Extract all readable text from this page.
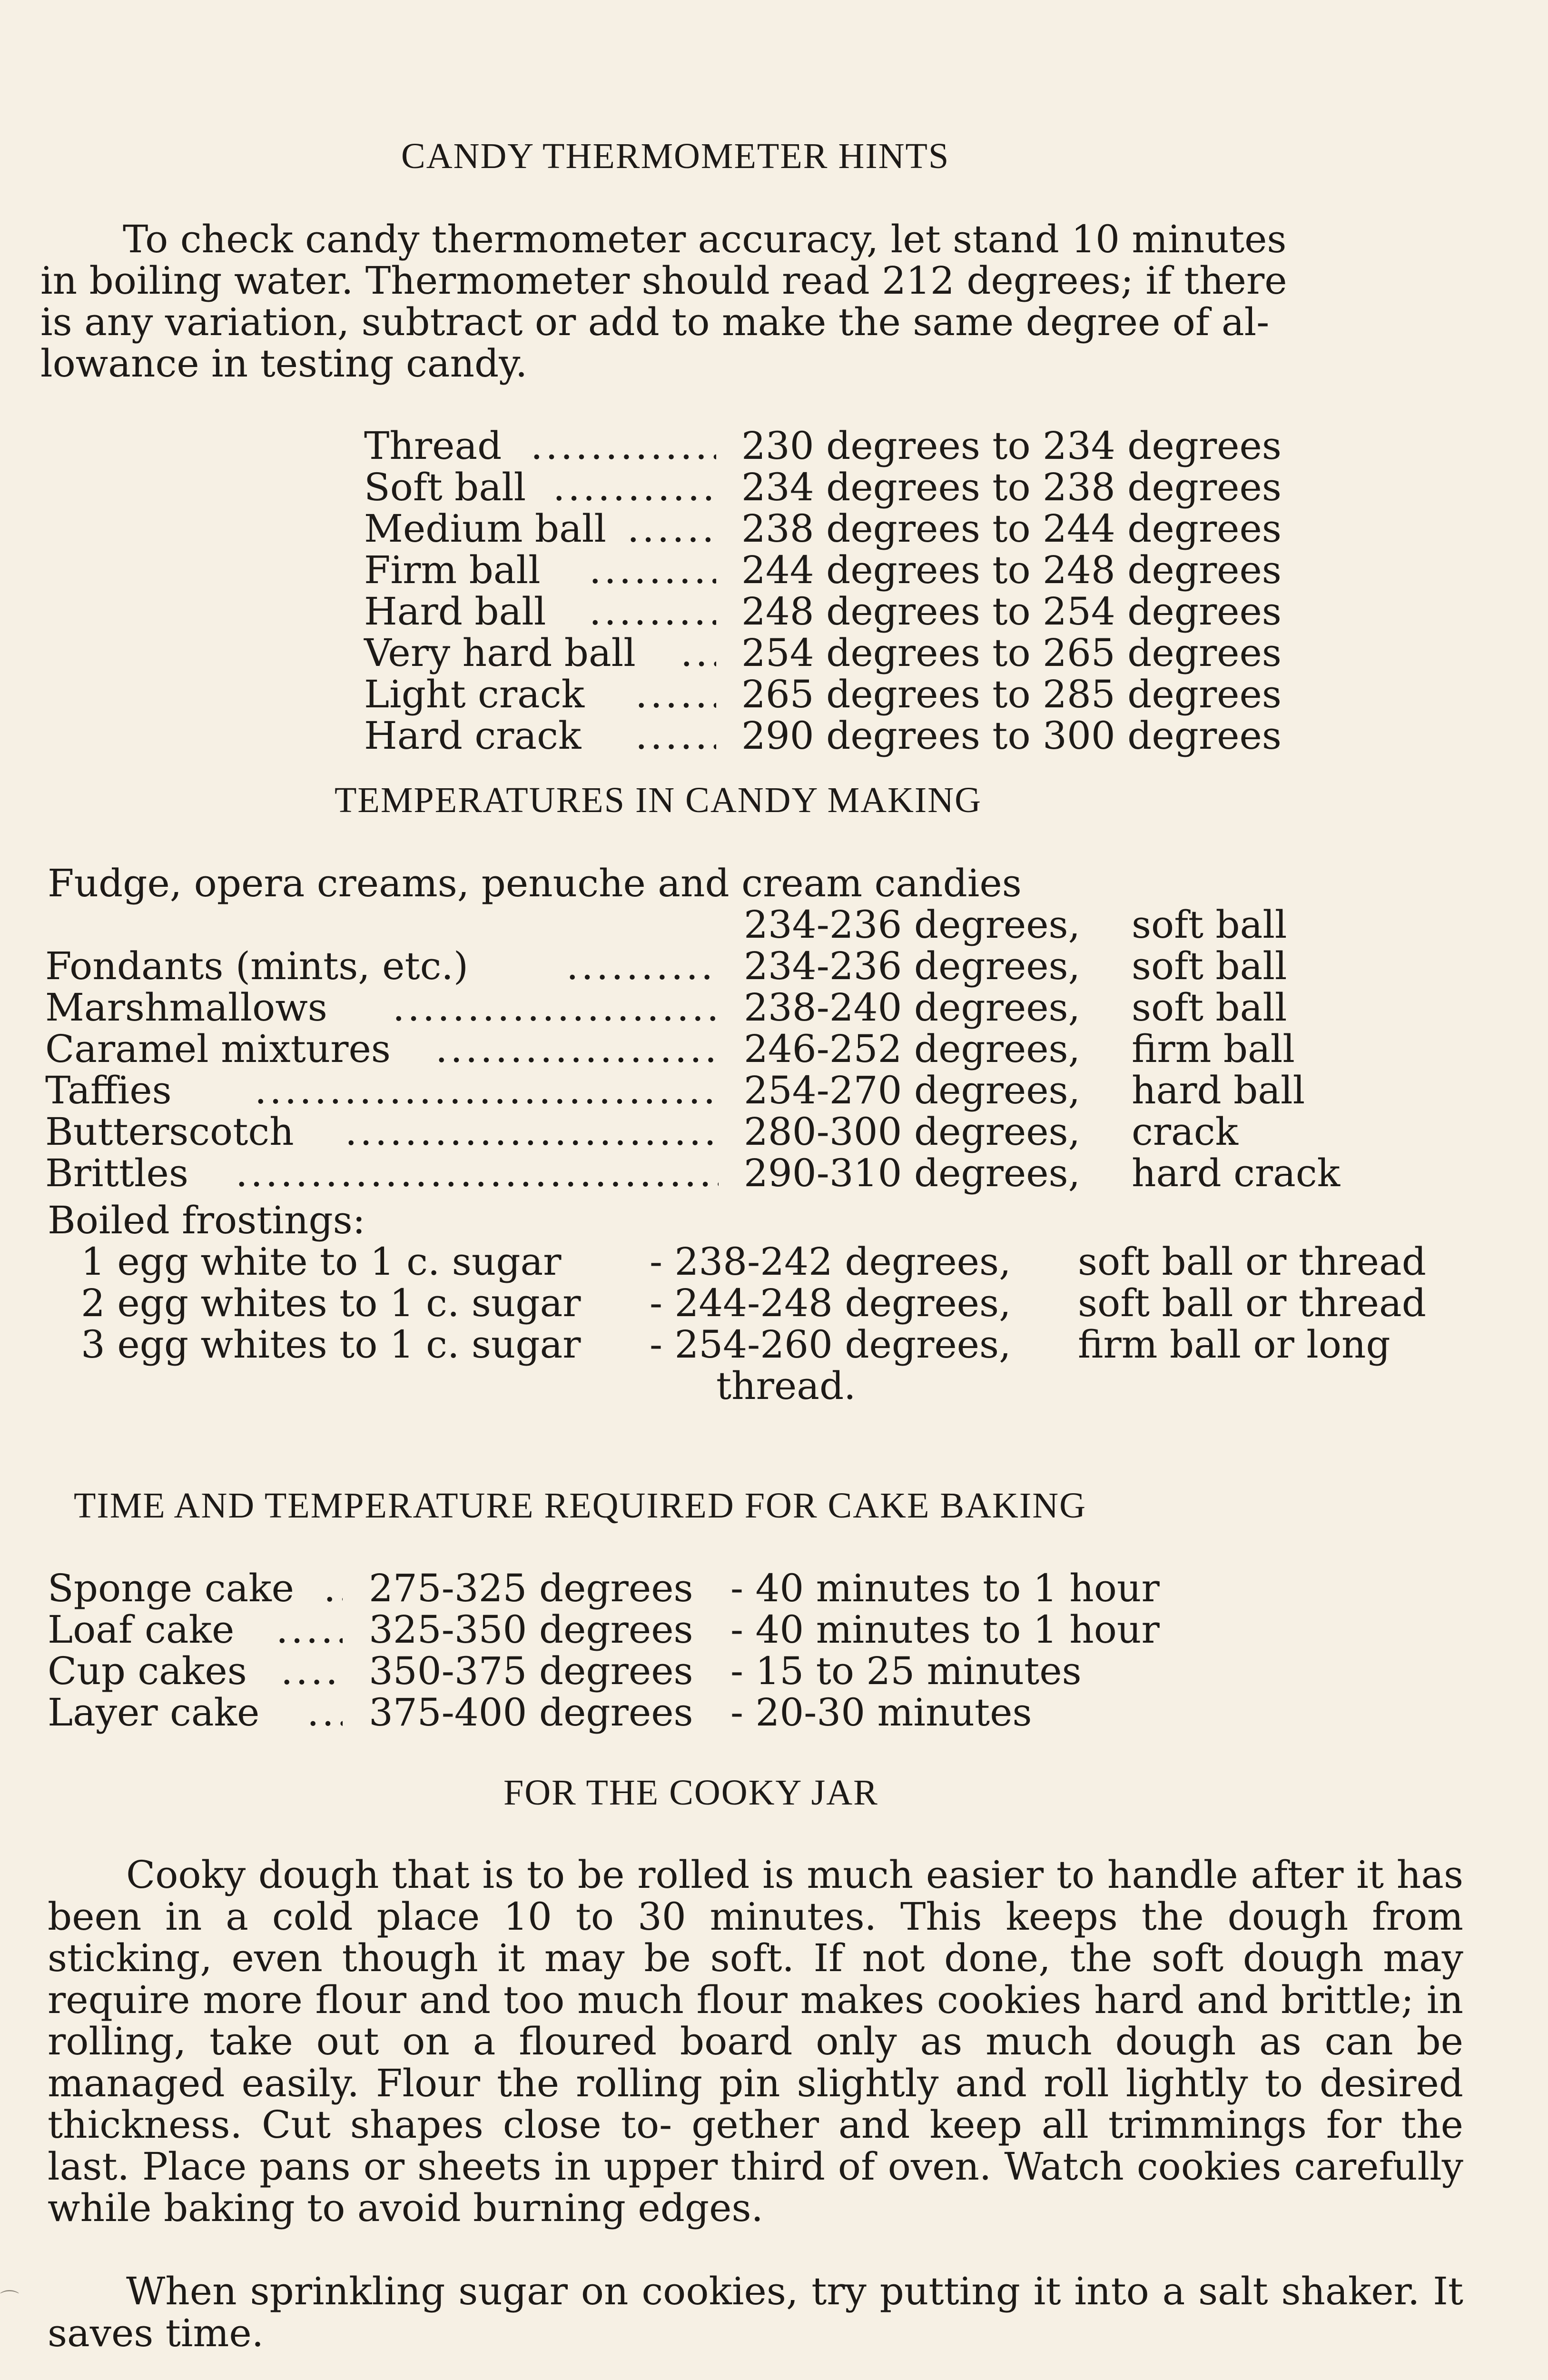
CANDY THERMOMETER HINTS
To check candy thermometer accuracy, let stand 10 minutes
in boiling water. Thermometer should read 212 degrees; if there
is any variation, subtract or add to make the same degree of al-
lowance in testing candy.
Thread .....	230 degrees to 234 degrees
Soft ball .....	234 degrees to 238 degrees
Medium ball .....	238 degrees to 244 degrees
Firm ball .....	244 degrees to 248 degrees
Hard ball .....	248 degrees to 254 degrees
Very hard ball .....	254 degrees to 265 degrees
Light crack .....	265 degrees to 285 degrees
Hard crack .....	290 degrees to 300 degrees
TEMPERATURES IN CANDY MAKING
Fudge, opera creams, penuche and cream candies
234-236 degrees, soft ball
Fondants (mints, etc.) .....	234-236 degrees, soft ball
Marshmallows .....	238-240 degrees, soft ball
Caramel mixtures .....	246-252 degrees, firm ball
Taffies .....	254-270 degrees, hard ball
Butterscotch .....	280-300 degrees, crack
Brittles .....	290-310 degrees, hard crack
Boiled frostings:
1 egg white to 1 c. sugar - 238-242 degrees, soft ball or thread
2 egg whites to 1 c. sugar - 244-248 degrees, soft ball or thread
3 egg whites to 1 c. sugar - 254-260 degrees, firm ball or long
thread.
TIME AND TEMPERATURE REQUIRED FOR CAKE BAKING
Sponge cake ..... 275-325 degrees - 40 minutes to 1 hour
Loaf cake .....	325-350 degrees - 40 minutes to 1 hour
Cup cakes .....	350-375 degrees - 15 to 25 minutes
Layer cake .....	375-400 degrees - 20-30 minutes
FOR THE COOKY JAR
Cooky dough that is to be rolled is much easier to handle after it has been in a cold place 10 to 30 minutes. This keeps the dough from sticking, even though it may be soft. If not done, the soft dough may require more flour and too much flour makes cookies hard and brittle; in rolling, take out on a floured board only as much dough as can be managed easily. Flour the rolling pin slightly and roll lightly to desired thickness. Cut shapes close to- gether and keep all trimmings for the last. Place pans or sheets in upper third of oven. Watch cookies carefully while baking to avoid burning edges.
When sprinkling sugar on cookies, try putting it into a salt shaker. It saves time.
⌒
